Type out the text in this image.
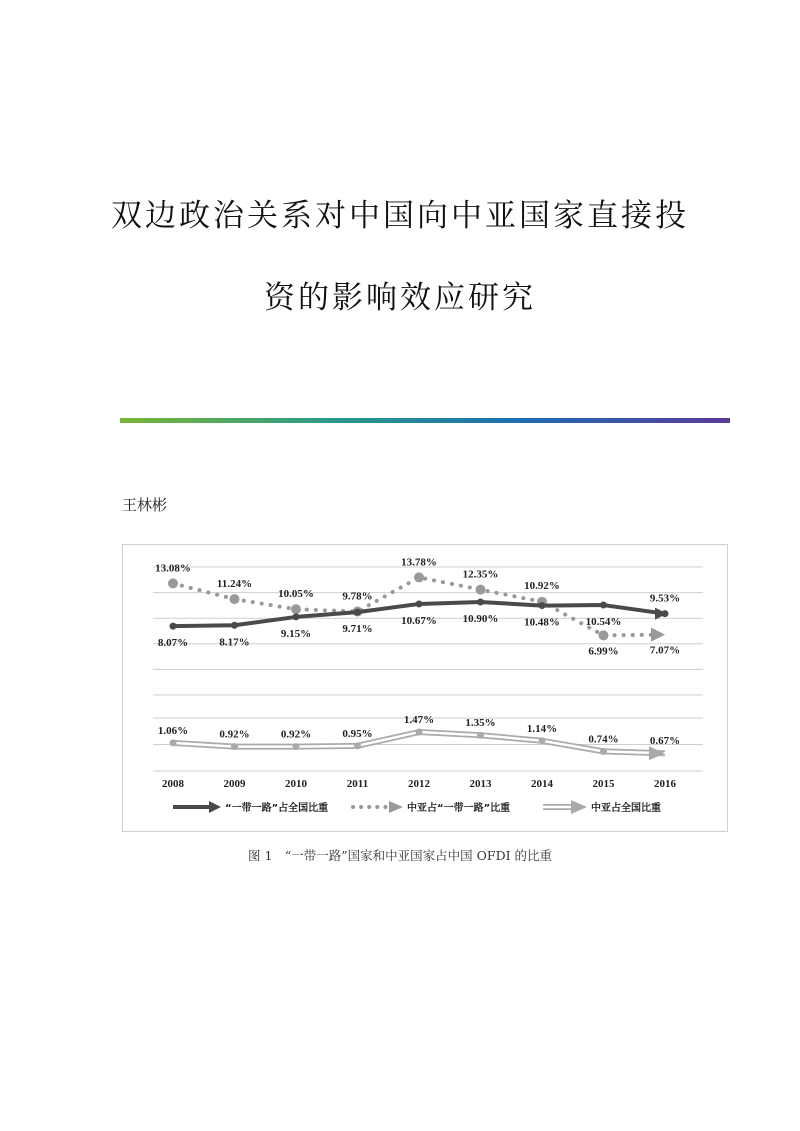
双边政治关系对中国向中亚国家直接投
资的影响效应研究
王林彬
8.07%	8.17%
9.15%	9.71%
10.67% 10.90% 10.48% 10.54%
9.53%
13.08%
11.24%
10.05%	9.78%
13.78%
12.35%
10.92%
6.99%	7.07%
1.06%	0.92%	0.92%	0.95%
1.47%	1.35%	1.14%
0.74%	0.67%
2008	2009	2010	2011	2012	2013	2014	2015	2016
“一带一路”占全国比重	中亚占“一带一路”比重	中亚占全国比重
图 1　“一带一路”国家和中亚国家占中国 OFDI 的比重
